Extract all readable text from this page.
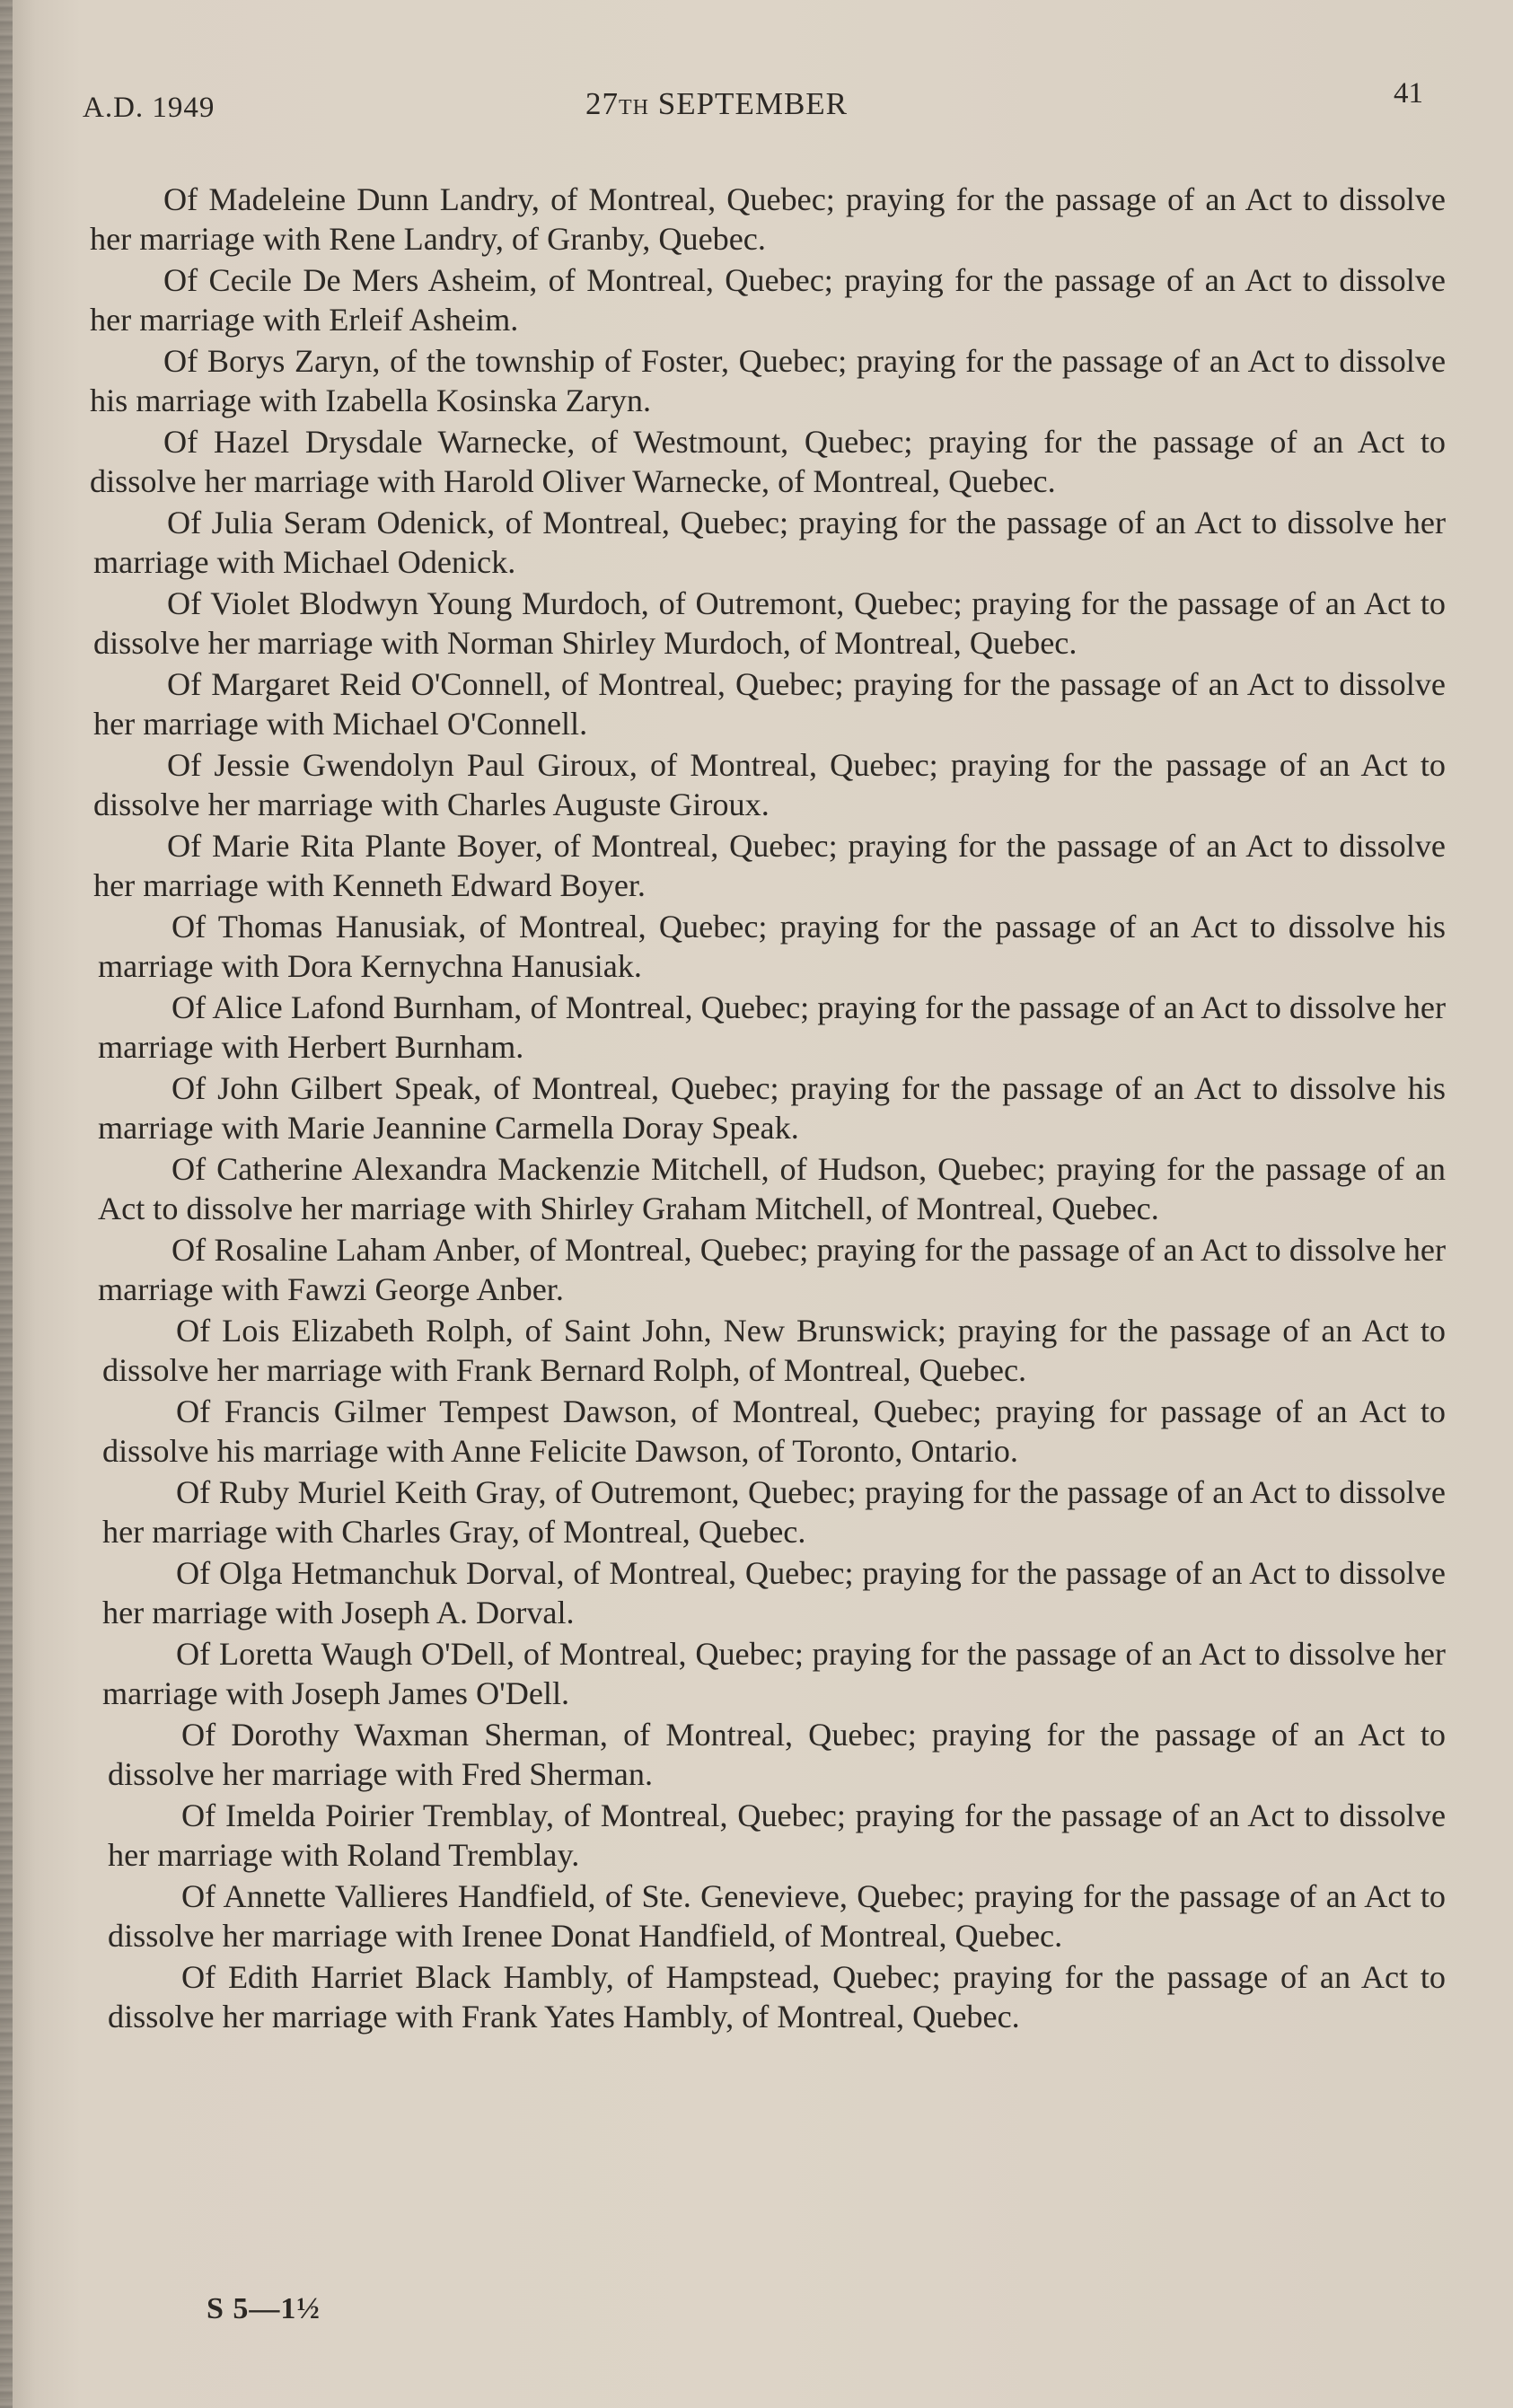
A.D. 1949	27TH SEPTEMBER	41

Of Madeleine Dunn Landry, of Montreal, Quebec; praying for the passage of an Act to dissolve her marriage with Rene Landry, of Granby, Quebec.

Of Cecile De Mers Asheim, of Montreal, Quebec; praying for the passage of an Act to dissolve her marriage with Erleif Asheim.

Of Borys Zaryn, of the township of Foster, Quebec; praying for the passage of an Act to dissolve his marriage with Izabella Kosinska Zaryn.

Of Hazel Drysdale Warnecke, of Westmount, Quebec; praying for the passage of an Act to dissolve her marriage with Harold Oliver Warnecke, of Montreal, Quebec.

Of Julia Seram Odenick, of Montreal, Quebec; praying for the passage of an Act to dissolve her marriage with Michael Odenick.

Of Violet Blodwyn Young Murdoch, of Outremont, Quebec; praying for the passage of an Act to dissolve her marriage with Norman Shirley Murdoch, of Montreal, Quebec.

Of Margaret Reid O'Connell, of Montreal, Quebec; praying for the passage of an Act to dissolve her marriage with Michael O'Connell.

Of Jessie Gwendolyn Paul Giroux, of Montreal, Quebec; praying for the passage of an Act to dissolve her marriage with Charles Auguste Giroux.

Of Marie Rita Plante Boyer, of Montreal, Quebec; praying for the passage of an Act to dissolve her marriage with Kenneth Edward Boyer.

Of Thomas Hanusiak, of Montreal, Quebec; praying for the passage of an Act to dissolve his marriage with Dora Kernychna Hanusiak.

Of Alice Lafond Burnham, of Montreal, Quebec; praying for the passage of an Act to dissolve her marriage with Herbert Burnham.

Of John Gilbert Speak, of Montreal, Quebec; praying for the passage of an Act to dissolve his marriage with Marie Jeannine Carmella Doray Speak.

Of Catherine Alexandra Mackenzie Mitchell, of Hudson, Quebec; praying for the passage of an Act to dissolve her marriage with Shirley Graham Mitchell, of Montreal, Quebec.

Of Rosaline Laham Anber, of Montreal, Quebec; praying for the passage of an Act to dissolve her marriage with Fawzi George Anber.

Of Lois Elizabeth Rolph, of Saint John, New Brunswick; praying for the passage of an Act to dissolve her marriage with Frank Bernard Rolph, of Montreal, Quebec.

Of Francis Gilmer Tempest Dawson, of Montreal, Quebec; praying for passage of an Act to dissolve his marriage with Anne Felicite Dawson, of Toronto, Ontario.

Of Ruby Muriel Keith Gray, of Outremont, Quebec; praying for the passage of an Act to dissolve her marriage with Charles Gray, of Montreal, Quebec.

Of Olga Hetmanchuk Dorval, of Montreal, Quebec; praying for the passage of an Act to dissolve her marriage with Joseph A. Dorval.

Of Loretta Waugh O'Dell, of Montreal, Quebec; praying for the passage of an Act to dissolve her marriage with Joseph James O'Dell.

Of Dorothy Waxman Sherman, of Montreal, Quebec; praying for the passage of an Act to dissolve her marriage with Fred Sherman.

Of Imelda Poirier Tremblay, of Montreal, Quebec; praying for the passage of an Act to dissolve her marriage with Roland Tremblay.

Of Annette Vallieres Handfield, of Ste. Genevieve, Quebec; praying for the passage of an Act to dissolve her marriage with Irenee Donat Handfield, of Montreal, Quebec.

Of Edith Harriet Black Hambly, of Hampstead, Quebec; praying for the passage of an Act to dissolve her marriage with Frank Yates Hambly, of Montreal, Quebec.

S 5—1½
